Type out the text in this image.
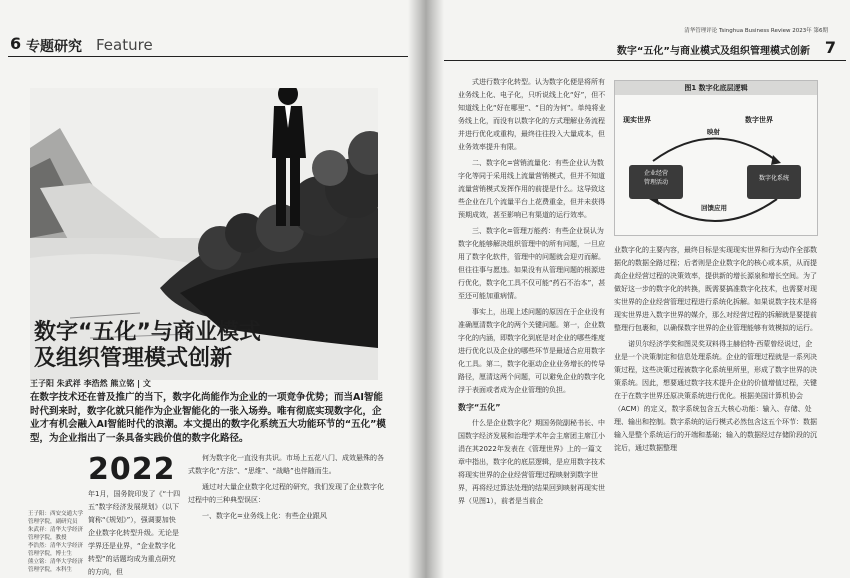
6 专题研究 Feature
数字“五化”与商业模式
及组织管理模式创新
王子阳 朱武祥 李浩然 熊立铭 | 文
在数字技术还在普及推广的当下，数字化尚能作为企业的一项竞争优势；而当AI智能时代到来时，数字化就只能作为企业智能化的一张入场券。唯有彻底实现数字化，企业才有机会融入AI智能时代的浪潮。本文提出的数字化系统五大功能环节的“五化”模型，为企业指出了一条具备实践价值的数字化路径。
2022

年1月，国务院印发了《“十四五”数字经济发展规划》（以下简称“《规划》”），强调要加快企业数字化转型升级。无论是学界还是业界，“企业数字化转型”的话题均成为重点研究的方向，但

何为数字化一直没有共识。市场上五花八门、成效悬殊的各式数字化“方法”、“思维”、“战略”也伴随而生。

通过对大量企业数字化过程的研究，我们发现了企业数字化过程中的三种典型误区：

一、数字化=业务线上化：有些企业跟风

王子阳：西安交通大学管理学院，副研究员
朱武祥：清华大学经济管理学院，教授
李浩然：清华大学经济管理学院，博士生
熊立铭：清华大学经济管理学院，本科生
清华管理评论 Tsinghua Business Review 2023年 第6期
数字“五化”与商业模式及组织管理模式创新 7

式进行数字化转型。认为数字化便是将所有业务线上化、电子化，只听说线上化“好”，但不知道线上化“好在哪里”、“目的为何”。单纯将业务线上化，而没有以数字化的方式理解业务流程并进行优化或重构，最终往往投入大量成本，但业务效率提升有限。

二、数字化=营销流量化：有些企业认为数字化等同于采用线上流量营销模式，但并不知道流量营销模式发挥作用的前提是什么。这导致这些企业在几个流量平台上花费重金，但并未获得预期成效，甚至影响已有渠道的运行效率。

三、数字化=管理万能药：有些企业误认为数字化能够解决组织管理中的所有问题，一旦应用了数字化软件，管理中的问题就会迎刃而解。但往往事与愿违。如果没有从管理问题的根源进行优化，数字化工具不仅可能“药石不治本”，甚至还可能加重病情。

事实上，出现上述问题的原因在于企业没有准确厘清数字化的两个关键问题。第一，企业数字化的内涵，即数字化到底是对企业的哪些维度进行优化以及企业的哪些环节是最适合应用数字化工具。第二，数字化驱动企业业务增长的传导路径，厘清这两个问题，可以避免企业的数字化浮于表面或者成为企业管理的负担。

数字“五化”

什么是企业数字化？期国务院副秘书长、中国数字经济发展和治理学术年会主席团主席江小涓在其2022年发表在《管理世界》上的一篇文章中指出，数字化的底层逻辑，是应用数字技术将现实世界的企业经营管理过程映射到数字世界，再将经过算法处理的结果回到映射再现实世界（见图1），前者是当前企

图1 数字化底层逻辑
现实世界	数字世界
企业经营
管理活动
数字化系统
映射
回馈应用

业数字化的主要内容，最终目标是实现现实世界和行为动作全部数据化的数据全路过程；后者则是企业数字化的核心或本质，从而提高企业经营过程的决策效率，提供新的增长源泉和增长空间。为了做好这一步的数字化的转换，既需要搞准数字化技术，也需要对现实世界的企业经营管理过程进行系统化拆解。如果说数字技术是将现实世界进入数字世界的媒介，那么对经营过程的拆解就是要提前整理行包裹和，以确保数字世界的企业管理能够有效模拟的运行。

诺贝尔经济学奖和图灵奖双料得主赫伯特·西蒙曾经说过，企业是一个决策制定和信息处理系统。企业的管理过程就是一系列决策过程，这些决策过程被数字化系统里所里，形成了数字世界的决策系统。因此，想要通过数字技术提升企业的价值增值过程，关键在于在数字世界还原决策系统进行优化。根据美国计算机协会（ACM）的定义，数字系统包含五大核心功能：输入、存储、处理、输出和控制。数字系统的运行模式必然包含这五个环节：数据输入是整个系统运行的开端和基础；输入的数据经过存储阶段的沉淀后，通过数据整理
